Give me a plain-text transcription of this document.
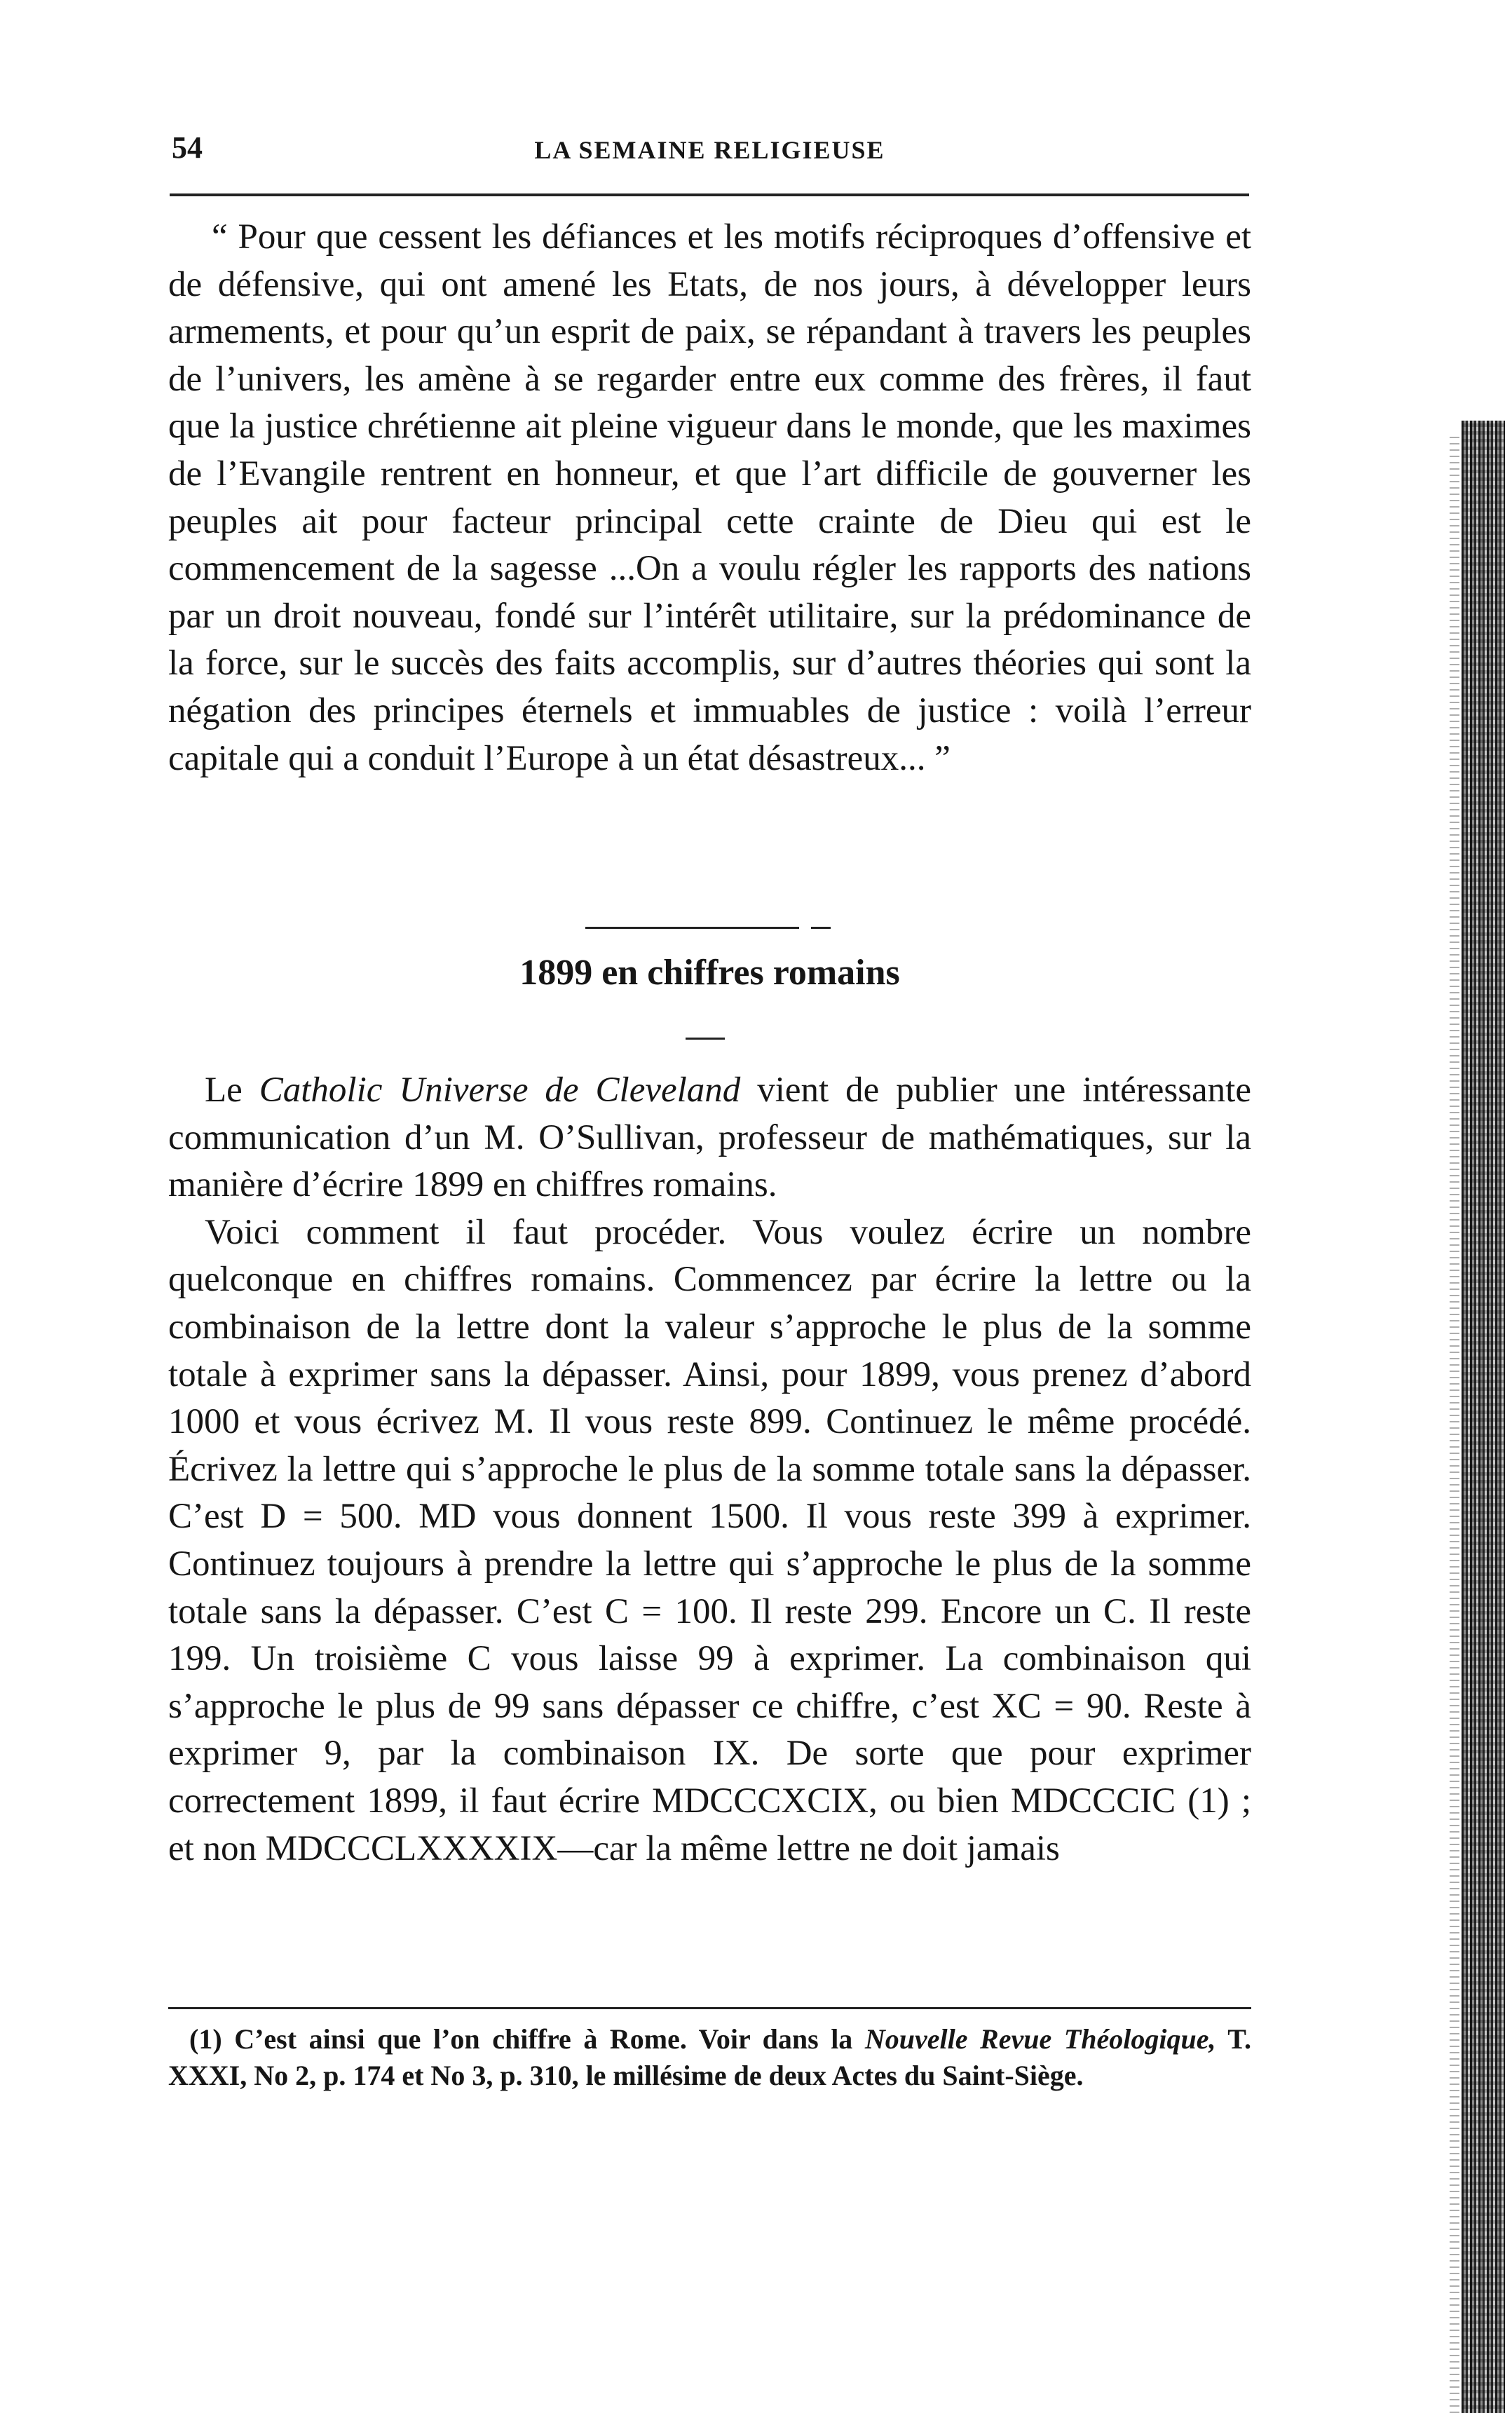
54	LA SEMAINE RELIGIEUSE
“ Pour que cessent les défiances et les motifs réciproques d’offensive et de défensive, qui ont amené les Etats, de nos jours, à développer leurs armements, et pour qu’un esprit de paix, se répandant à travers les peuples de l’univers, les amène à se regarder entre eux comme des frères, il faut que la justice chrétienne ait pleine vigueur dans le monde, que les maximes de l’Evangile rentrent en honneur, et que l’art difficile de gouverner les peuples ait pour facteur principal cette crainte de Dieu qui est le commencement de la sagesse ...On a voulu régler les rapports des nations par un droit nouveau, fondé sur l’intérêt utilitaire, sur la prédominance de la force, sur le succès des faits accomplis, sur d’autres théories qui sont la négation des principes éternels et immuables de justice : voilà l’erreur capitale qui a conduit l’Europe à un état désastreux... ”
1899 en chiffres romains

Le Catholic Universe de Cleveland vient de publier une intéressante communication d’un M. O’Sullivan, professeur de mathématiques, sur la manière d’écrire 1899 en chiffres romains.

Voici comment il faut procéder. Vous voulez écrire un nombre quelconque en chiffres romains. Commencez par écrire la lettre ou la combinaison de la lettre dont la valeur s’approche le plus de la somme totale à exprimer sans la dépasser. Ainsi, pour 1899, vous prenez d’abord 1000 et vous écrivez M. Il vous reste 899. Continuez le même procédé. Écrivez la lettre qui s’approche le plus de la somme totale sans la dépasser. C’est D = 500. MD vous donnent 1500. Il vous reste 399 à exprimer. Continuez toujours à prendre la lettre qui s’approche le plus de la somme totale sans la dépasser. C’est C = 100. Il reste 299. Encore un C. Il reste 199. Un troisième C vous laisse 99 à exprimer. La combinaison qui s’approche le plus de 99 sans dépasser ce chiffre, c’est XC = 90. Reste à exprimer 9, par la combinaison IX. De sorte que pour exprimer correctement 1899, il faut écrire MDCCCXCIX, ou bien MDCCCIC (1) ; et non MDCCCLXXXXIX—car la même lettre ne doit jamais

(1) C’est ainsi que l’on chiffre à Rome. Voir dans la Nouvelle Revue Théologique, T. XXXI, No 2, p. 174 et No 3, p. 310, le millésime de deux Actes du Saint-Siège.
